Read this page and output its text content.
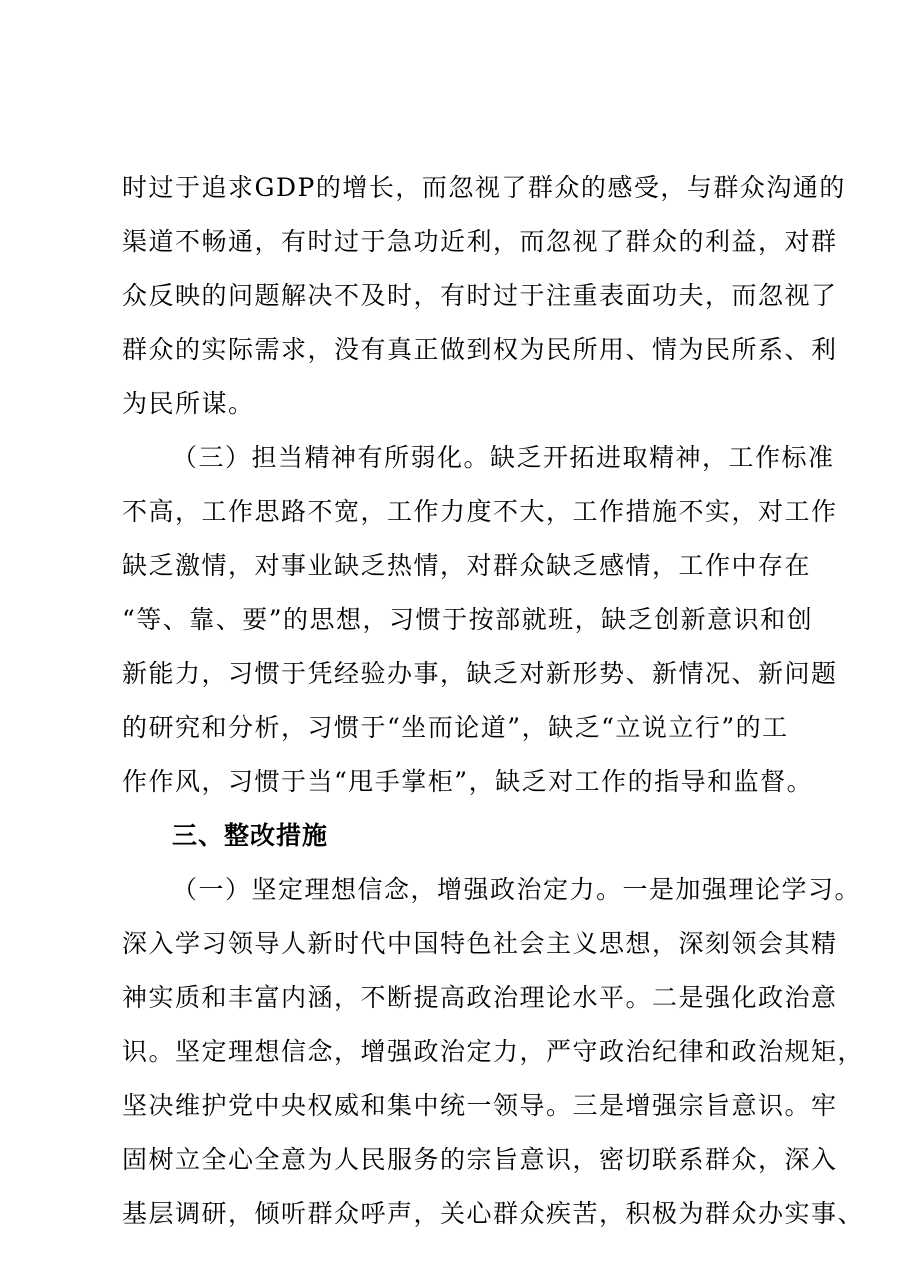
时过于追求GDP的增长，而忽视了群众的感受，与群众沟通的
渠道不畅通，有时过于急功近利，而忽视了群众的利益，对群
众反映的问题解决不及时，有时过于注重表面功夫，而忽视了
群众的实际需求，没有真正做到权为民所用、情为民所系、利
为民所谋。
（三）担当精神有所弱化。缺乏开拓进取精神，工作标准
不高，工作思路不宽，工作力度不大，工作措施不实，对工作
缺乏激情，对事业缺乏热情，对群众缺乏感情，工作中存在
“等、靠、要”的思想，习惯于按部就班，缺乏创新意识和创
新能力，习惯于凭经验办事，缺乏对新形势、新情况、新问题
的研究和分析，习惯于“坐而论道”，缺乏“立说立行”的工
作作风，习惯于当“甩手掌柜”，缺乏对工作的指导和监督。
三、整改措施
（一）坚定理想信念，增强政治定力。一是加强理论学习。
深入学习领导人新时代中国特色社会主义思想，深刻领会其精
神实质和丰富内涵，不断提高政治理论水平。二是强化政治意
识。坚定理想信念，增强政治定力，严守政治纪律和政治规矩，
坚决维护党中央权威和集中统一领导。三是增强宗旨意识。牢
固树立全心全意为人民服务的宗旨意识，密切联系群众，深入
基层调研，倾听群众呼声，关心群众疾苦，积极为群众办实事、
